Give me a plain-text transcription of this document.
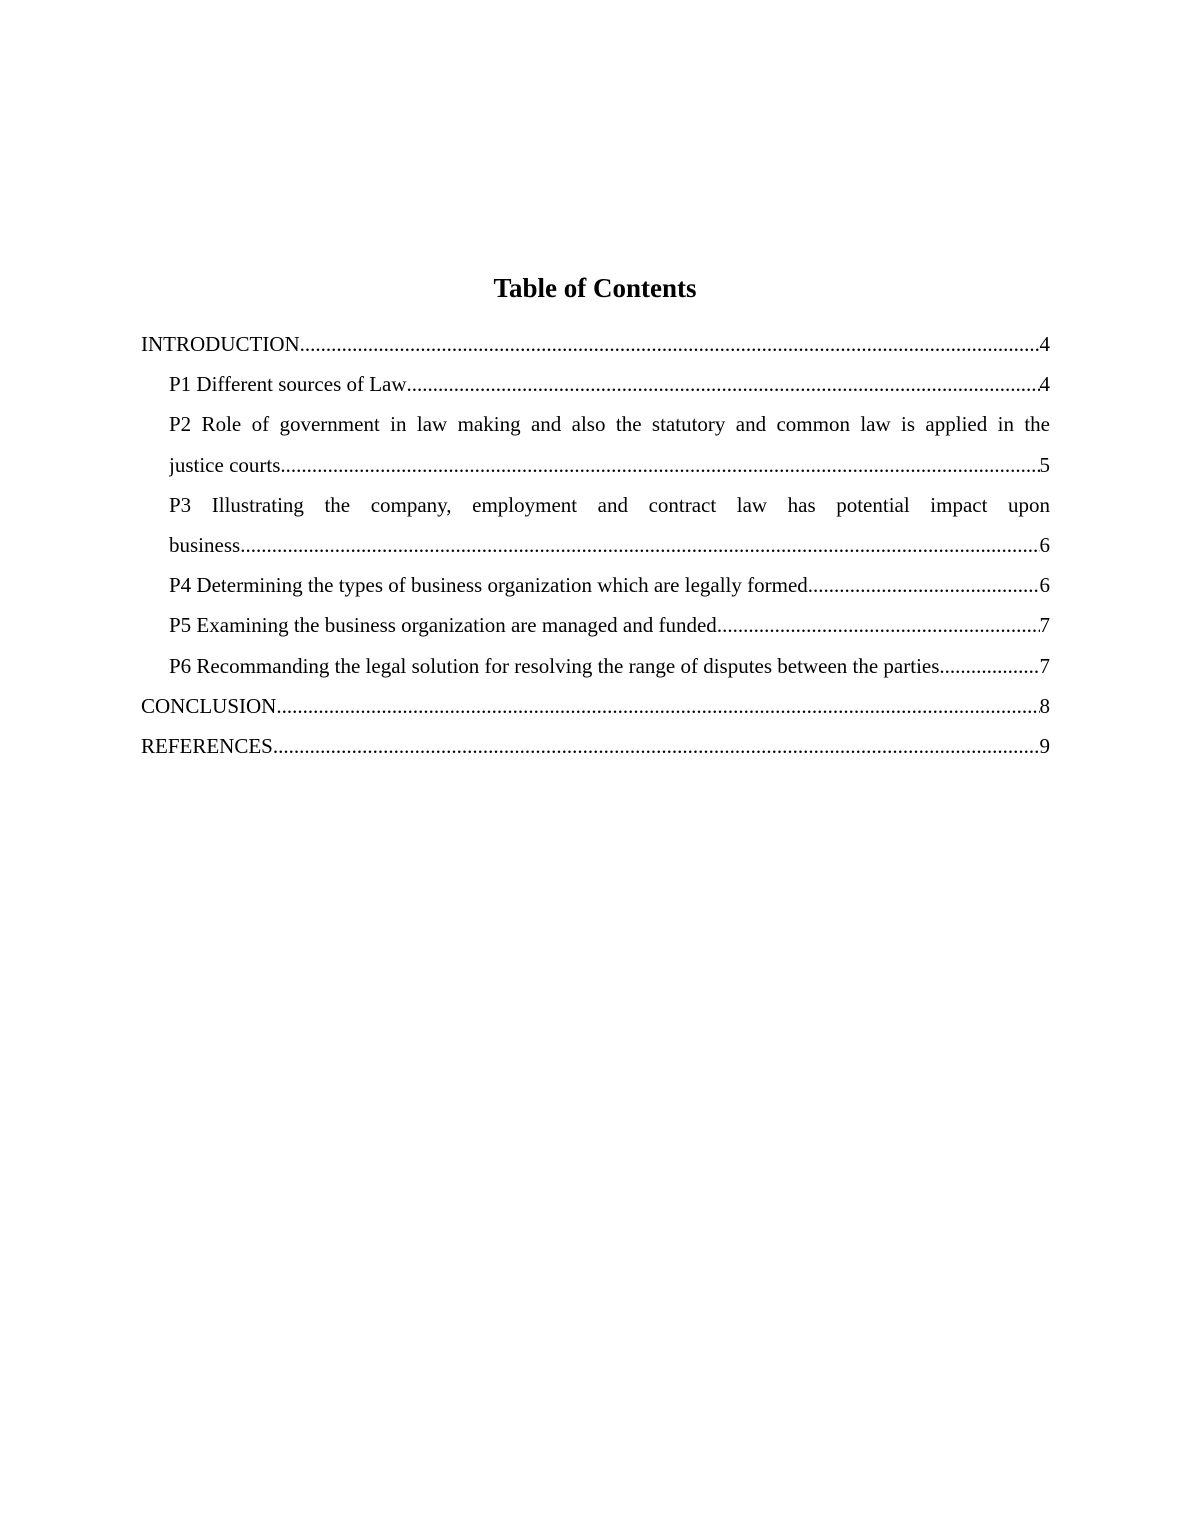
Table of Contents
INTRODUCTION .....	4
P1 Different sources of Law .....	4
P2 Role of government in law making and also the statutory and common law is applied in the
justice courts .....	5
P3 Illustrating the company, employment and contract law has potential impact upon
business .....	6
P4 Determining the types of business organization which are legally formed .....	6
P5 Examining the business organization are managed and funded .....	7
P6 Recommanding the legal solution for resolving the range of disputes between the parties. .....	7
CONCLUSION .....	8
REFERENCES .....	9
